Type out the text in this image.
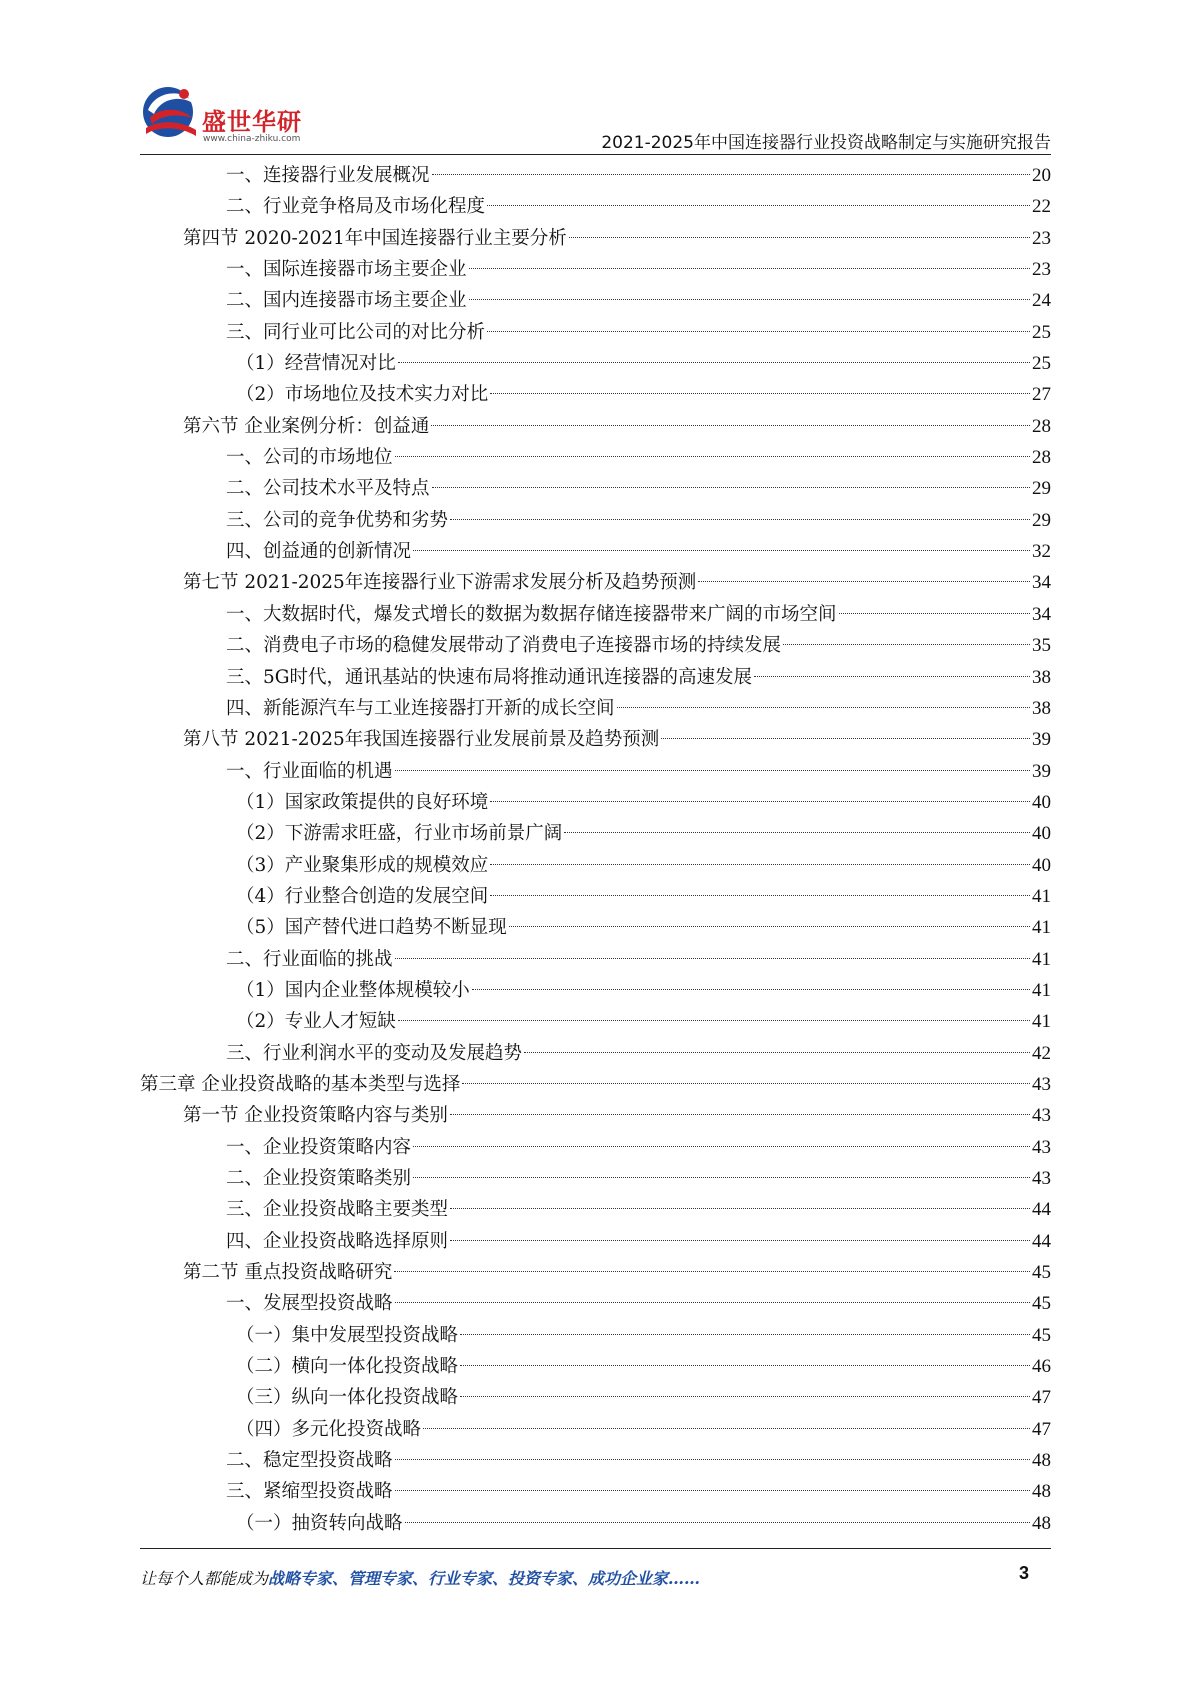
盛世华研
www.china-zhiku.com	2021-2025年中国连接器行业投资战略制定与实施研究报告
一、连接器行业发展概况	20
二、行业竞争格局及市场化程度	22
第四节 2020-2021年中国连接器行业主要分析	23
一、国际连接器市场主要企业	23
二、国内连接器市场主要企业	24
三、同行业可比公司的对比分析	25
（1）经营情况对比	25
（2）市场地位及技术实力对比	27
第六节 企业案例分析：创益通	28
一、公司的市场地位	28
二、公司技术水平及特点	29
三、公司的竞争优势和劣势	29
四、创益通的创新情况	32
第七节 2021-2025年连接器行业下游需求发展分析及趋势预测	34
一、大数据时代，爆发式增长的数据为数据存储连接器带来广阔的市场空间	34
二、消费电子市场的稳健发展带动了消费电子连接器市场的持续发展	35
三、5G时代，通讯基站的快速布局将推动通讯连接器的高速发展	38
四、新能源汽车与工业连接器打开新的成长空间	38
第八节 2021-2025年我国连接器行业发展前景及趋势预测	39
一、行业面临的机遇	39
（1）国家政策提供的良好环境	40
（2）下游需求旺盛，行业市场前景广阔	40
（3）产业聚集形成的规模效应	40
（4）行业整合创造的发展空间	41
（5）国产替代进口趋势不断显现	41
二、行业面临的挑战	41
（1）国内企业整体规模较小	41
（2）专业人才短缺	41
三、行业利润水平的变动及发展趋势	42
第三章 企业投资战略的基本类型与选择	43
第一节 企业投资策略内容与类别	43
一、企业投资策略内容	43
二、企业投资策略类别	43
三、企业投资战略主要类型	44
四、企业投资战略选择原则	44
第二节 重点投资战略研究	45
一、发展型投资战略	45
（一）集中发展型投资战略	45
（二）横向一体化投资战略	46
（三）纵向一体化投资战略	47
（四）多元化投资战略	47
二、稳定型投资战略	48
三、紧缩型投资战略	48
（一）抽资转向战略	48
让每个人都能成为战略专家、管理专家、行业专家、投资专家、成功企业家……	3
